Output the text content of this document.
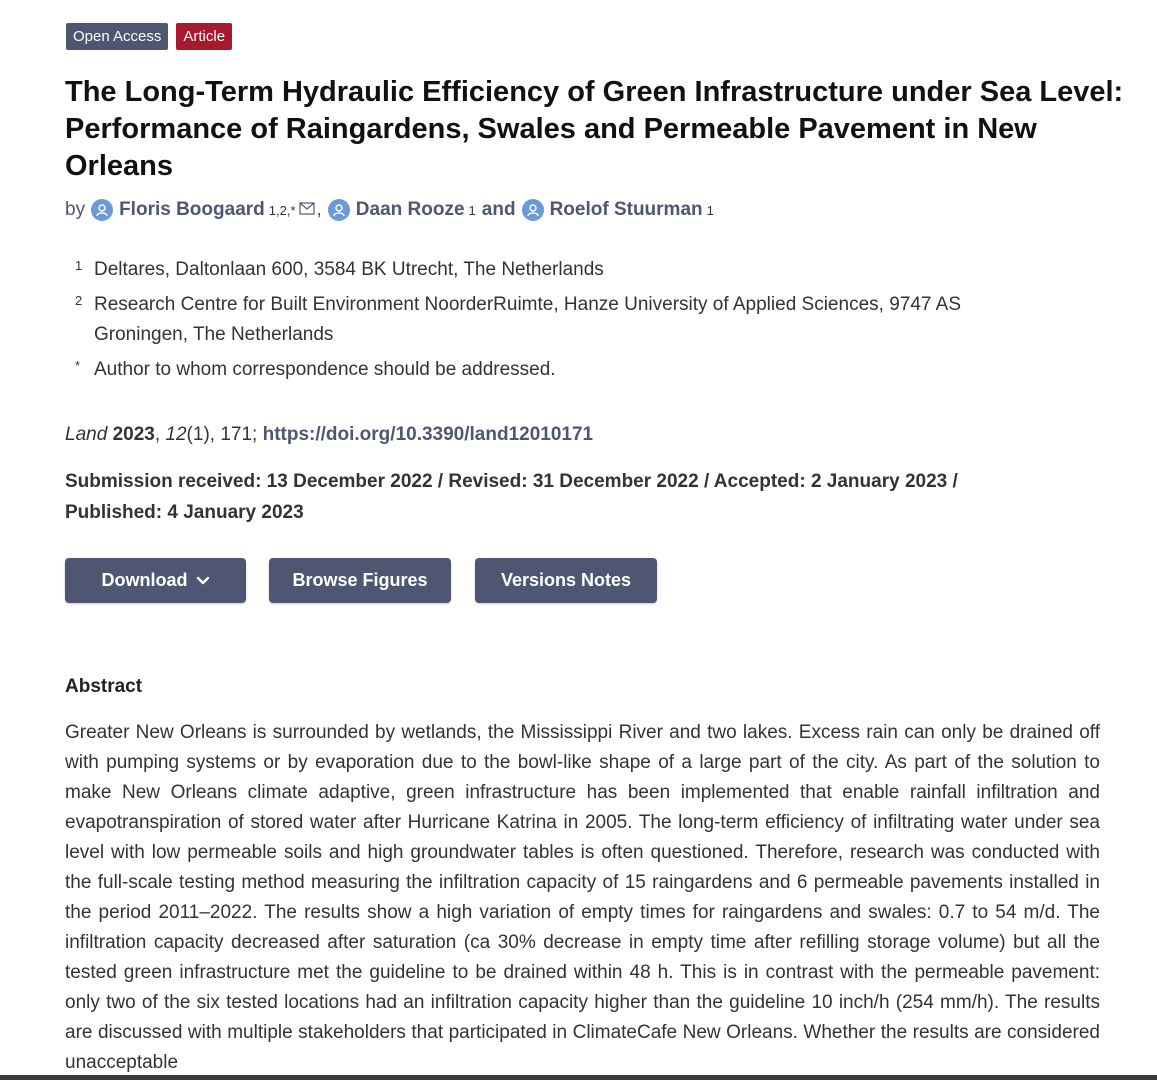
Open Access	Article
The Long-Term Hydraulic Efficiency of Green Infrastructure under Sea Level: Performance of Raingardens, Swales and Permeable Pavement in New Orleans
by Floris Boogaard 1,2,* , Daan Rooze 1 and Roelof Stuurman 1
1 Deltares, Daltonlaan 600, 3584 BK Utrecht, The Netherlands
2 Research Centre for Built Environment NoorderRuimte, Hanze University of Applied Sciences, 9747 AS Groningen, The Netherlands
* Author to whom correspondence should be addressed.
Land 2023, 12(1), 171; https://doi.org/10.3390/land12010171
Submission received: 13 December 2022 / Revised: 31 December 2022 / Accepted: 2 January 2023 / Published: 4 January 2023
Download	Browse Figures	Versions Notes
Abstract

Greater New Orleans is surrounded by wetlands, the Mississippi River and two lakes. Excess rain can only be drained off with pumping systems or by evaporation due to the bowl-like shape of a large part of the city. As part of the solution to make New Orleans climate adaptive, green infrastructure has been implemented that enable rainfall infiltration and evapotranspiration of stored water after Hurricane Katrina in 2005. The long-term efficiency of infiltrating water under sea level with low permeable soils and high groundwater tables is often questioned. Therefore, research was conducted with the full-scale testing method measuring the infiltration capacity of 15 raingardens and 6 permeable pavements installed in the period 2011–2022. The results show a high variation of empty times for raingardens and swales: 0.7 to 54 m/d. The infiltration capacity decreased after saturation (ca 30% decrease in empty time after refilling storage volume) but all the tested green infrastructure met the guideline to be drained within 48 h. This is in contrast with the permeable pavement: only two of the six tested locations had an infiltration capacity higher than the guideline 10 inch/h (254 mm/h). The results are discussed with multiple stakeholders that participated in ClimateCafe New Orleans. Whether the results are considered unacceptable
